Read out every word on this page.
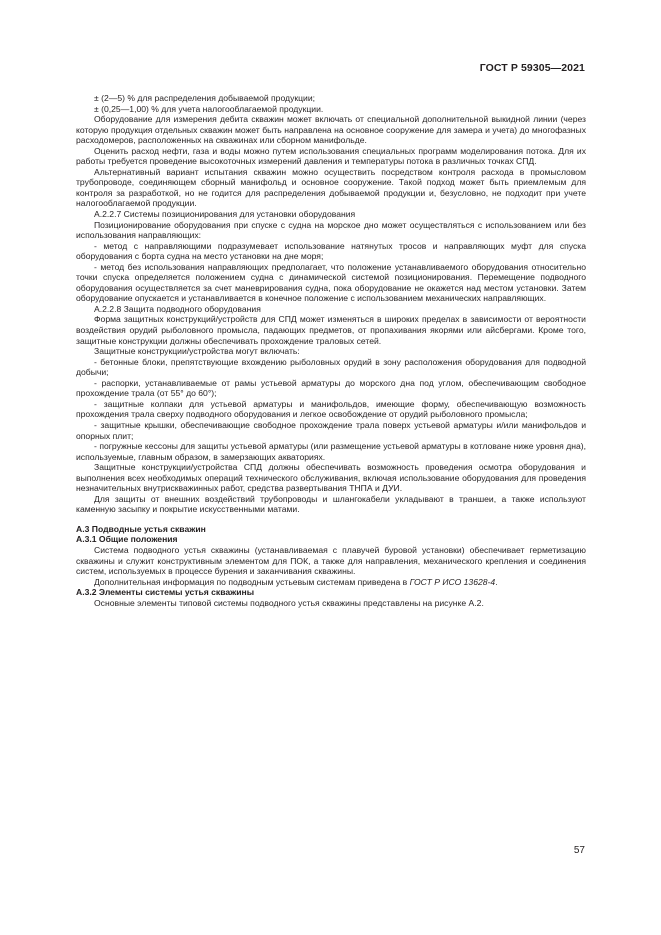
ГОСТ Р 59305—2021

± (2—5) % для распределения добываемой продукции;

± (0,25—1,00) % для учета налогооблагаемой продукции.

Оборудование для измерения дебита скважин может включать от специальной дополнительной выкидной линии (через которую продукция отдельных скважин может быть направлена на основное сооружение для замера и учета) до многофазных расходомеров, расположенных на скважинах или сборном манифольде.

Оценить расход нефти, газа и воды можно путем использования специальных программ моделирования потока. Для их работы требуется проведение высокоточных измерений давления и температуры потока в различных точках СПД.

Альтернативный вариант испытания скважин можно осуществить посредством контроля расхода в промысловом трубопроводе, соединяющем сборный манифольд и основное сооружение. Такой подход может быть приемлемым для контроля за разработкой, но не годится для распределения добываемой продукции и, безусловно, не подходит при учете налогооблагаемой продукции.

А.2.2.7 Системы позиционирования для установки оборудования

Позиционирование оборудования при спуске с судна на морское дно может осуществляться с использованием или без использования направляющих:

- метод с направляющими подразумевает использование натянутых тросов и направляющих муфт для спуска оборудования с борта судна на место установки на дне моря;

- метод без использования направляющих предполагает, что положение устанавливаемого оборудования относительно точки спуска определяется положением судна с динамической системой позиционирования. Перемещение подводного оборудования осуществляется за счет маневрирования судна, пока оборудование не окажется над местом установки. Затем оборудование опускается и устанавливается в конечное положение с использованием механических направляющих.

А.2.2.8 Защита подводного оборудования

Форма защитных конструкций/устройств для СПД может изменяться в широких пределах в зависимости от вероятности воздействия орудий рыболовного промысла, падающих предметов, от пропахивания якорями или айсбергами. Кроме того, защитные конструкции должны обеспечивать прохождение траловых сетей.

Защитные конструкции/устройства могут включать:

- бетонные блоки, препятствующие вхождению рыболовных орудий в зону расположения оборудования для подводной добычи;

- распорки, устанавливаемые от рамы устьевой арматуры до морского дна под углом, обеспечивающим свободное прохождение трала (от 55° до 60°);

- защитные колпаки для устьевой арматуры и манифольдов, имеющие форму, обеспечивающую возможность прохождения трала сверху подводного оборудования и легкое освобождение от орудий рыболовного промысла;

- защитные крышки, обеспечивающие свободное прохождение трала поверх устьевой арматуры и/или манифольдов и опорных плит;

- погружные кессоны для защиты устьевой арматуры (или размещение устьевой арматуры в котловане ниже уровня дна), используемые, главным образом, в замерзающих акваториях.

Защитные конструкции/устройства СПД должны обеспечивать возможность проведения осмотра оборудования и выполнения всех необходимых операций технического обслуживания, включая использование оборудования для проведения незначительных внутрискважинных работ, средства развертывания ТНПА и ДУИ.

Для защиты от внешних воздействий трубопроводы и шлангокабели укладывают в траншеи, а также используют каменную засыпку и покрытие искусственными матами.

А.3 Подводные устья скважин
А.3.1 Общие положения

Система подводного устья скважины (устанавливаемая с плавучей буровой установки) обеспечивает герметизацию скважины и служит конструктивным элементом для ПОК, а также для направления, механического крепления и соединения систем, используемых в процессе бурения и заканчивания скважины.

Дополнительная информация по подводным устьевым системам приведена в ГОСТ Р ИСО 13628-4.

А.3.2 Элементы системы устья скважины

Основные элементы типовой системы подводного устья скважины представлены на рисунке А.2.

57
